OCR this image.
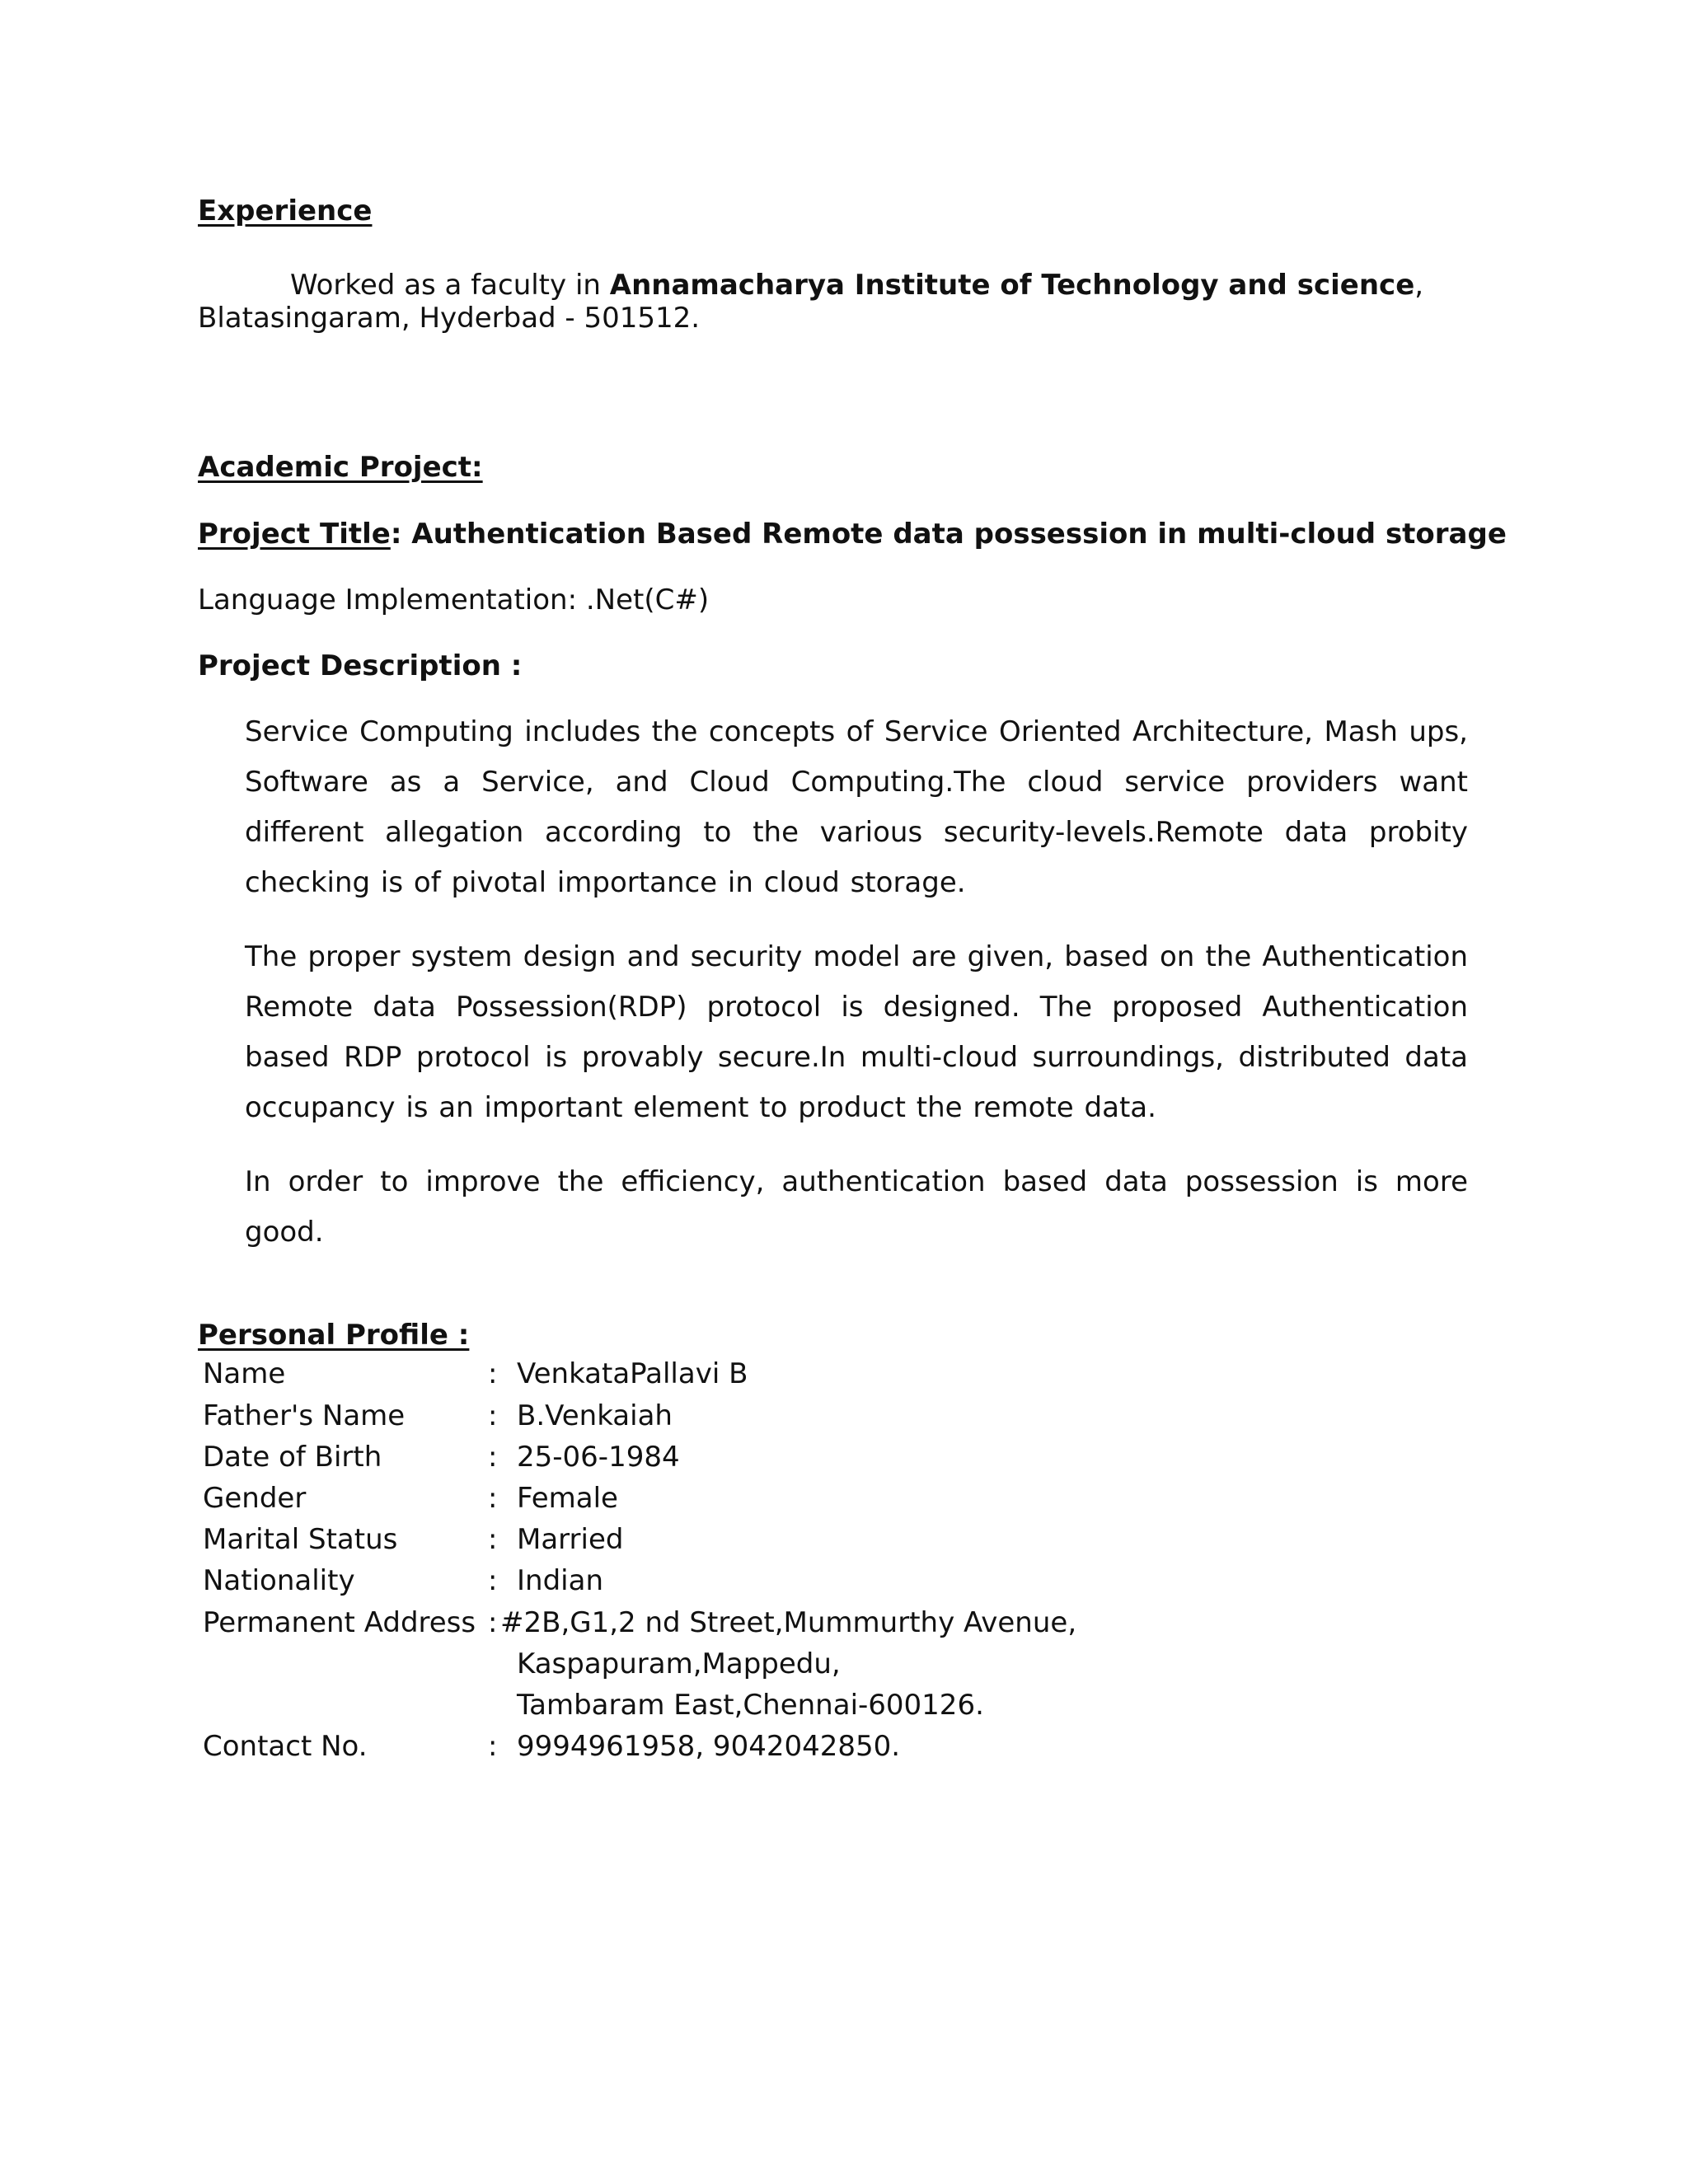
Experience
Worked as a faculty in Annamacharya Institute of Technology and science,
Blatasingaram, Hyderbad - 501512.
Academic Project:
Project Title: Authentication Based Remote data possession in multi-cloud storage
Language Implementation: .Net(C#)
Project Description :
Service Computing includes the concepts of Service Oriented Architecture, Mash ups, Software as a Service, and Cloud Computing.The cloud service providers want different allegation according to the various security-levels.Remote data probity checking is of pivotal importance in cloud storage.
The proper system design and security model are given, based on the Authentication Remote data Possession(RDP) protocol is designed. The proposed Authentication based RDP protocol is provably secure.In multi-cloud surroundings, distributed data occupancy is an important element to product the remote data.
In order to improve the efficiency, authentication based data possession is more good.
Personal Profile :
Name	: VenkataPallavi B
Father's Name	: B.Venkaiah
Date of Birth	: 25-06-1984
Gender	: Female
Marital Status	: Married
Nationality	: Indian
Permanent Address : #2B,G1,2 nd Street,Mummurthy Avenue,
Kaspapuram,Mappedu,
Tambaram East,Chennai-600126.
Contact No.	: 9994961958, 9042042850.
